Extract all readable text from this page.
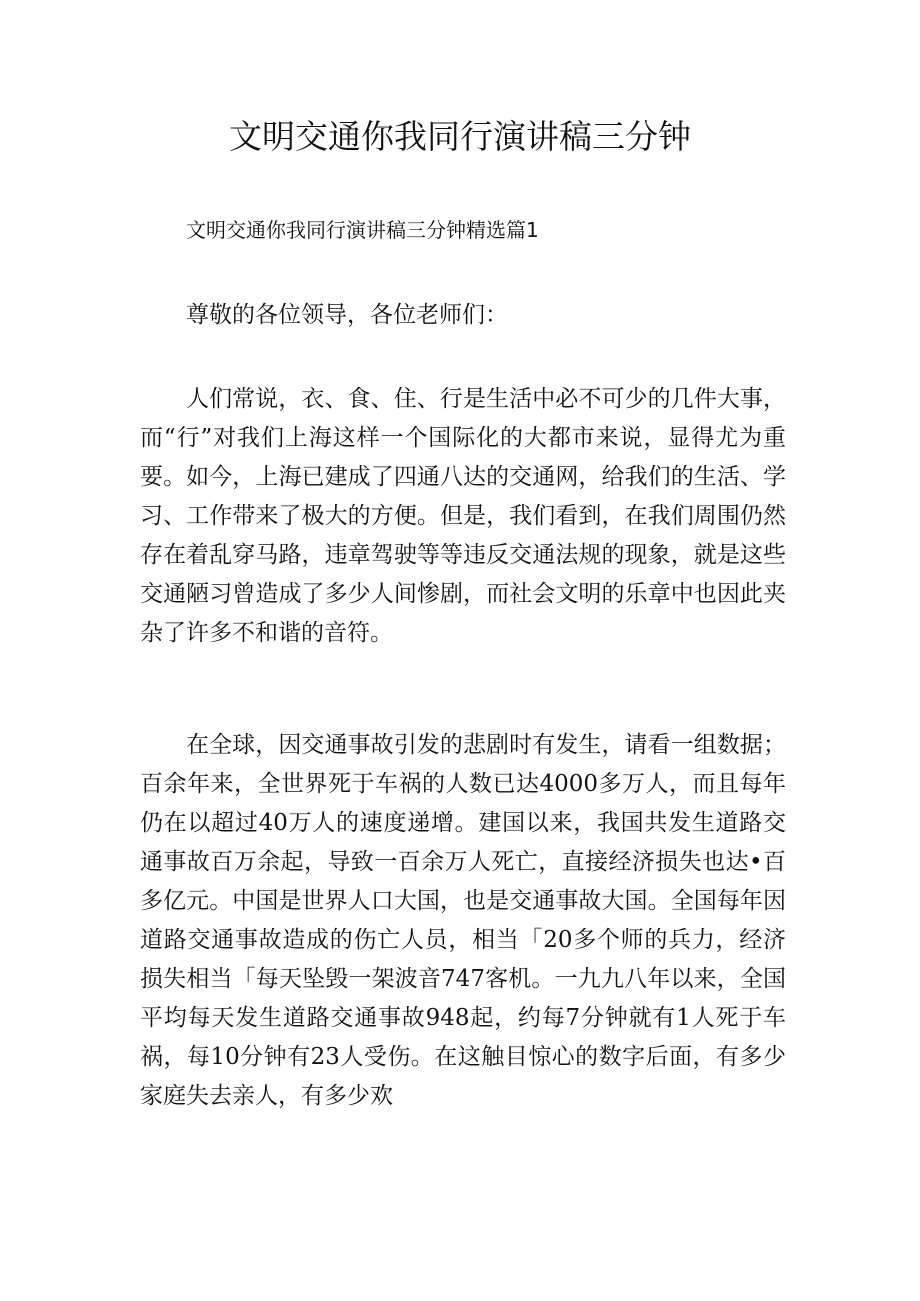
文明交通你我同行演讲稿三分钟

文明交通你我同行演讲稿三分钟精选篇1

尊敬的各位领导，各位老师们：

人们常说，衣、食、住、行是生活中必不可少的几件大事，而“行”对我们上海这样一个国际化的大都市来说，显得尤为重要。如今，上海已建成了四通八达的交通网，给我们的生活、学习、工作带来了极大的方便。但是，我们看到，在我们周围仍然存在着乱穿马路，违章驾驶等等违反交通法规的现象，就是这些交通陋习曾造成了多少人间惨剧，而社会文明的乐章中也因此夹杂了许多不和谐的音符。

在全球，因交通事故引发的悲剧时有发生，请看一组数据；百余年来，全世界死于车祸的人数已达4000多万人，而且每年仍在以超过40万人的速度递增。建国以来，我国共发生道路交通事故百万余起，导致一百余万人死亡，直接经济损失也达•百多亿元。中国是世界人口大国，也是交通事故大国。全国每年因道路交通事故造成的伤亡人员，相当「20多个师的兵力，经济损失相当「每天坠毁一架波音747客机。一九九八年以来，全国平均每天发生道路交通事故948起，约每7分钟就有1人死于车祸，每10分钟有23人受伤。在这触目惊心的数字后面，有多少家庭失去亲人，有多少欢
